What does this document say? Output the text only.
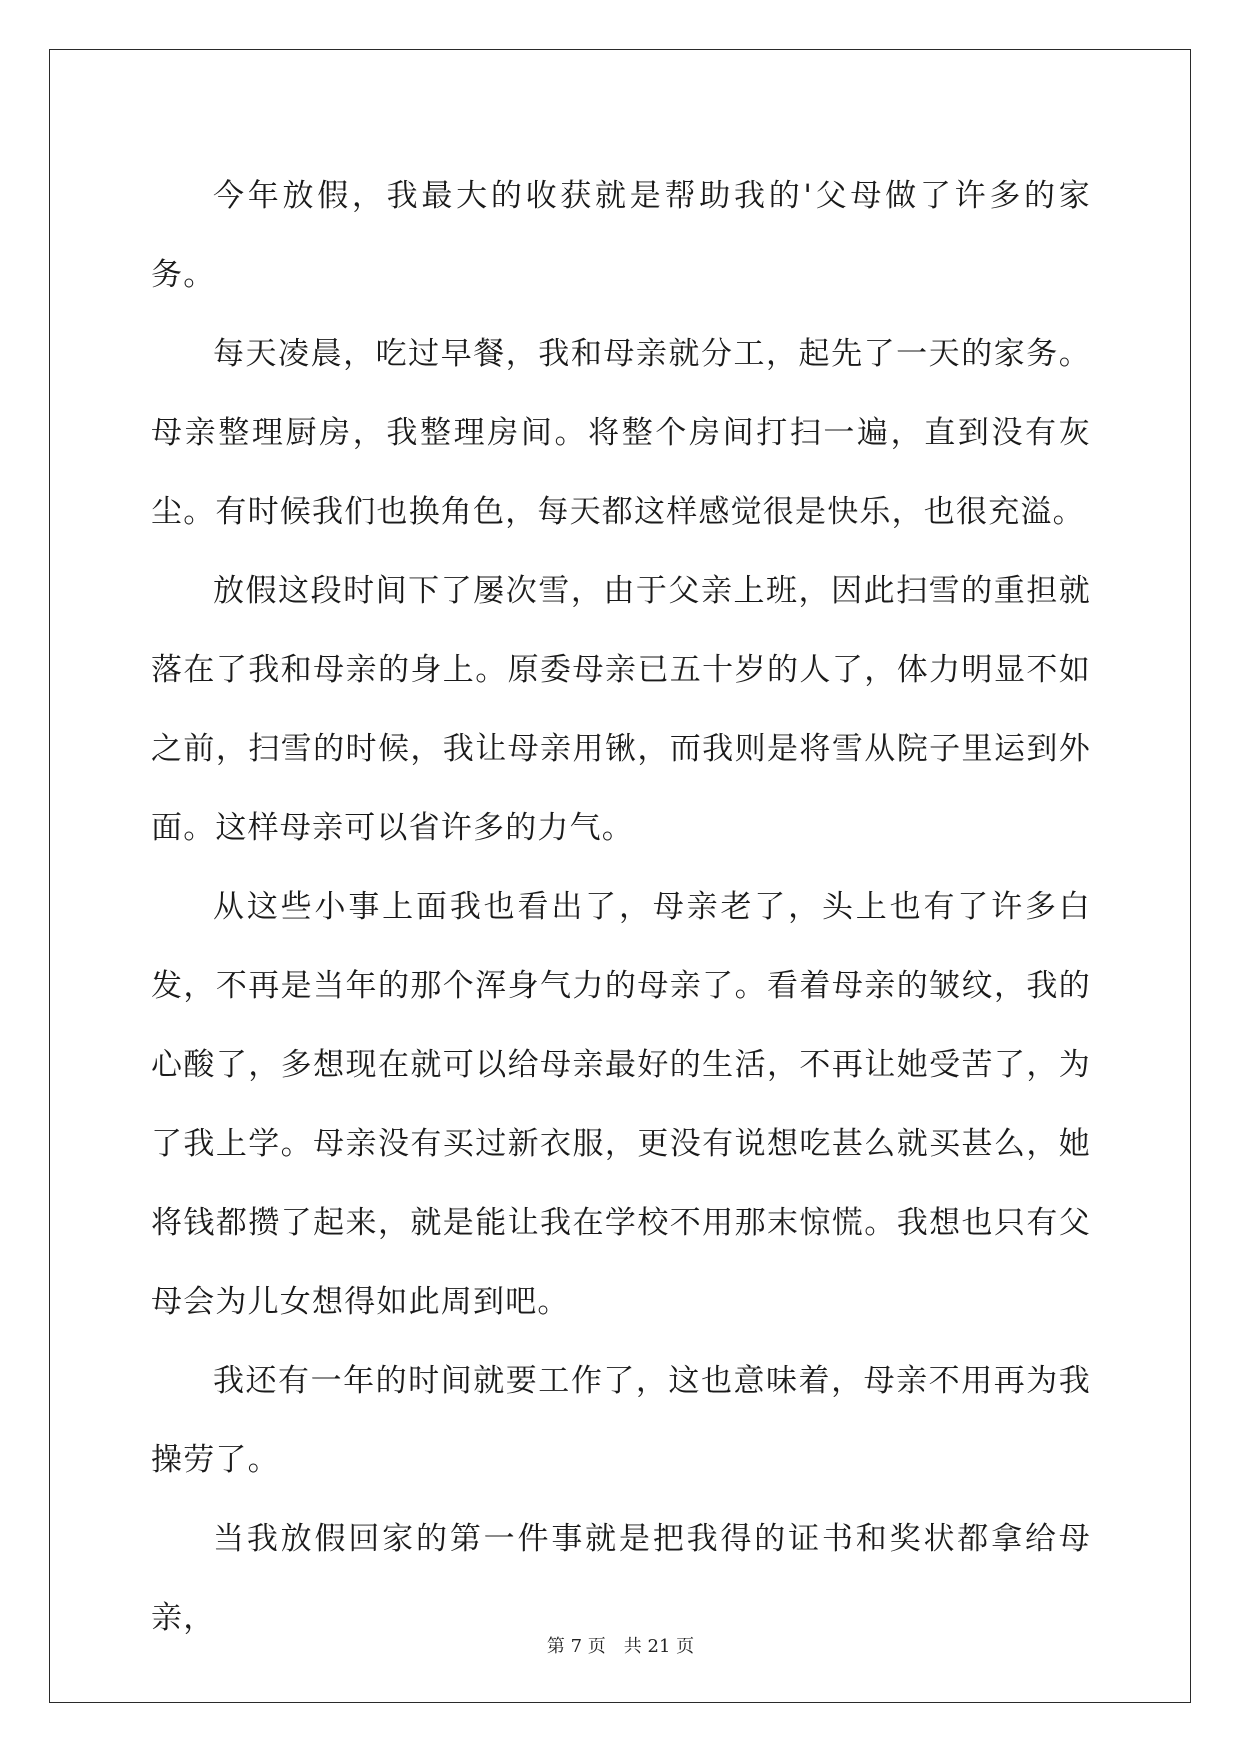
今年放假，我最大的收获就是帮助我的'父母做了许多的家务。

每天凌晨，吃过早餐，我和母亲就分工，起先了一天的家务。母亲整理厨房，我整理房间。将整个房间打扫一遍，直到没有灰尘。有时候我们也换角色，每天都这样感觉很是快乐，也很充溢。

放假这段时间下了屡次雪，由于父亲上班，因此扫雪的重担就落在了我和母亲的身上。原委母亲已五十岁的人了，体力明显不如之前，扫雪的时候，我让母亲用锹，而我则是将雪从院子里运到外面。这样母亲可以省许多的力气。

从这些小事上面我也看出了，母亲老了，头上也有了许多白发，不再是当年的那个浑身气力的母亲了。看着母亲的皱纹，我的心酸了，多想现在就可以给母亲最好的生活，不再让她受苦了，为了我上学。母亲没有买过新衣服，更没有说想吃甚么就买甚么，她将钱都攒了起来，就是能让我在学校不用那末惊慌。我想也只有父母会为儿女想得如此周到吧。

我还有一年的时间就要工作了，这也意味着，母亲不用再为我操劳了。

当我放假回家的第一件事就是把我得的证书和奖状都拿给母亲，

第 7 页　共 21 页
